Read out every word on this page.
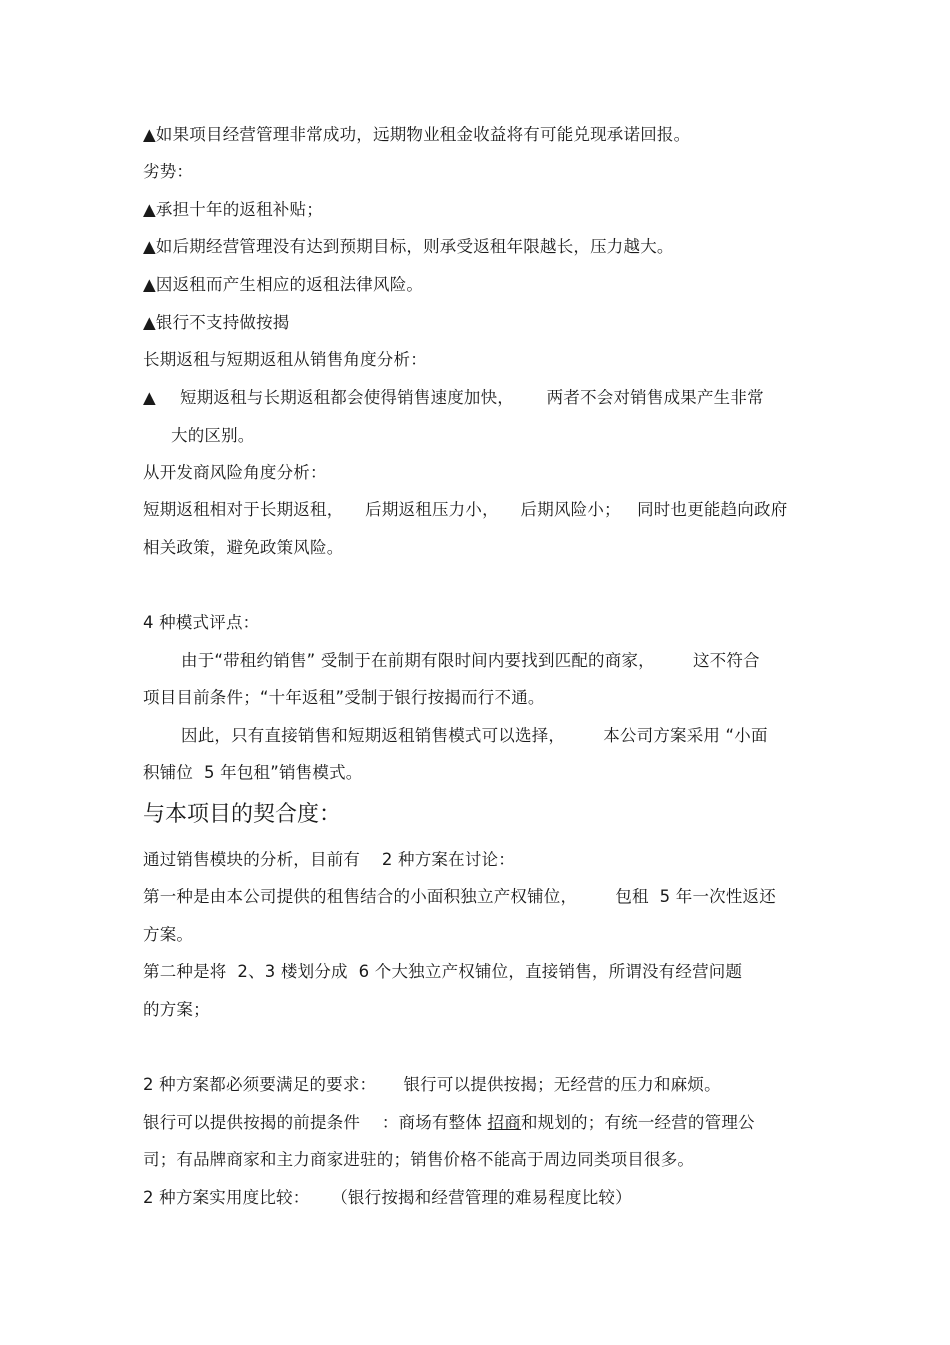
▲如果项目经营管理非常成功，远期物业租金收益将有可能兑现承诺回报。
劣势：
▲承担十年的返租补贴；
▲如后期经营管理没有达到预期目标，则承受返租年限越长，压力越大。
▲因返租而产生相应的返租法律风险。
▲银行不支持做按揭
长期返租与短期返租从销售角度分析：
▲ 短期返租与长期返租都会使得销售速度加快，      两者不会对销售成果产生非常
大的区别。
从开发商风险角度分析：
短期返租相对于长期返租，    后期返租压力小，    后期风险小；   同时也更能趋向政府
相关政策，避免政策风险。
4 种模式评点：
由于“带租约销售” 受制于在前期有限时间内要找到匹配的商家，       这不符合
项目目前条件；“十年返租”受制于银行按揭而行不通。
因此，只有直接销售和短期返租销售模式可以选择，       本公司方案采用 “小面
积铺位  5 年包租”销售模式。
与本项目的契合度：
通过销售模块的分析，目前有    2 种方案在讨论：
第一种是由本公司提供的租售结合的小面积独立产权铺位，       包租  5 年一次性返还
方案。
第二种是将  2、3 楼划分成  6 个大独立产权铺位，直接销售，所谓没有经营问题
的方案；
2 种方案都必须要满足的要求：     银行可以提供按揭；无经营的压力和麻烦。
银行可以提供按揭的前提条件    ：商场有整体 招商和规划的；有统一经营的管理公
司；有品牌商家和主力商家进驻的；销售价格不能高于周边同类项目很多。
2 种方案实用度比较：    （银行按揭和经营管理的难易程度比较）
